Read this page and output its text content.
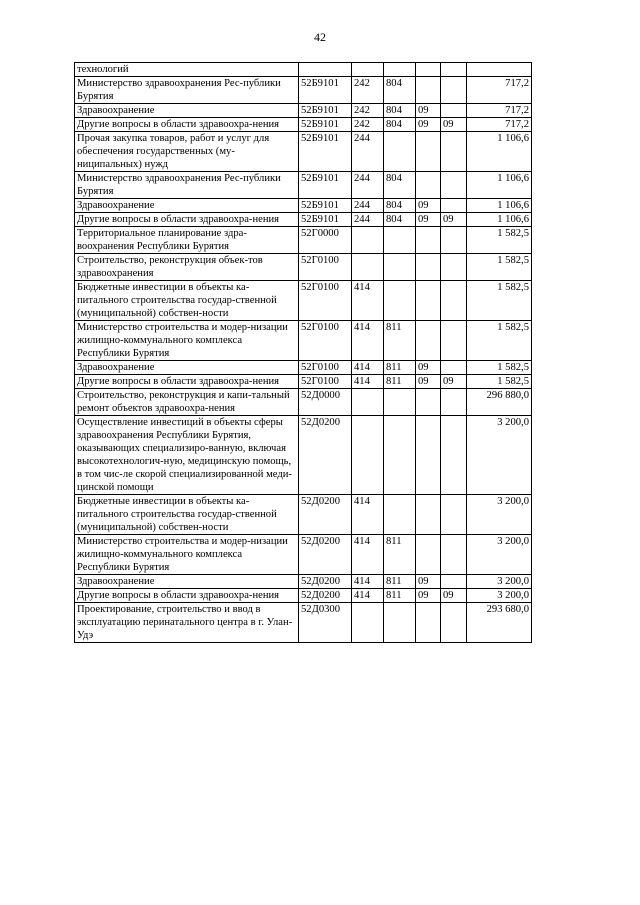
42
технологий						
Министерство здравоохранения Рес-публики Бурятия	52Б9101	242	804			717,2
Здравоохранение	52Б9101	242	804	09		717,2
Другие вопросы в области здравоохра-нения	52Б9101	242	804	09	09	717,2
Прочая закупка товаров, работ и услуг для обеспечения государственных (му-ниципальных) нужд	52Б9101	244				1 106,6
Министерство здравоохранения Рес-публики Бурятия	52Б9101	244	804			1 106,6
Здравоохранение	52Б9101	244	804	09		1 106,6
Другие вопросы в области здравоохра-нения	52Б9101	244	804	09	09	1 106,6
Территориальное планирование здра-воохранения Республики Бурятия	52Г0000					1 582,5
Строительство, реконструкция объек-тов здравоохранения	52Г0100					1 582,5
Бюджетные инвестиции в объекты ка-питального строительства государ-ственной (муниципальной) собствен-ности	52Г0100	414				1 582,5
Министерство строительства и модер-низации жилищно-коммунального комплекса Республики Бурятия	52Г0100	414	811			1 582,5
Здравоохранение	52Г0100	414	811	09		1 582,5
Другие вопросы в области здравоохра-нения	52Г0100	414	811	09	09	1 582,5
Строительство, реконструкция и капи-тальный ремонт объектов здравоохра-нения	52Д0000					296 880,0
Осуществление инвестиций в объекты сферы здравоохранения Республики Бурятия, оказывающих специализиро-ванную, включая высокотехнологич-ную, медицинскую помощь, в том чис-ле скорой специализированной меди-цинской помощи	52Д0200					3 200,0
Бюджетные инвестиции в объекты ка-питального строительства государ-ственной (муниципальной) собствен-ности	52Д0200	414				3 200,0
Министерство строительства и модер-низации жилищно-коммунального комплекса Республики Бурятия	52Д0200	414	811			3 200,0
Здравоохранение	52Д0200	414	811	09		3 200,0
Другие вопросы в области здравоохра-нения	52Д0200	414	811	09	09	3 200,0
Проектирование, строительство и ввод в эксплуатацию перинатального центра в г. Улан-Удэ	52Д0300					293 680,0
